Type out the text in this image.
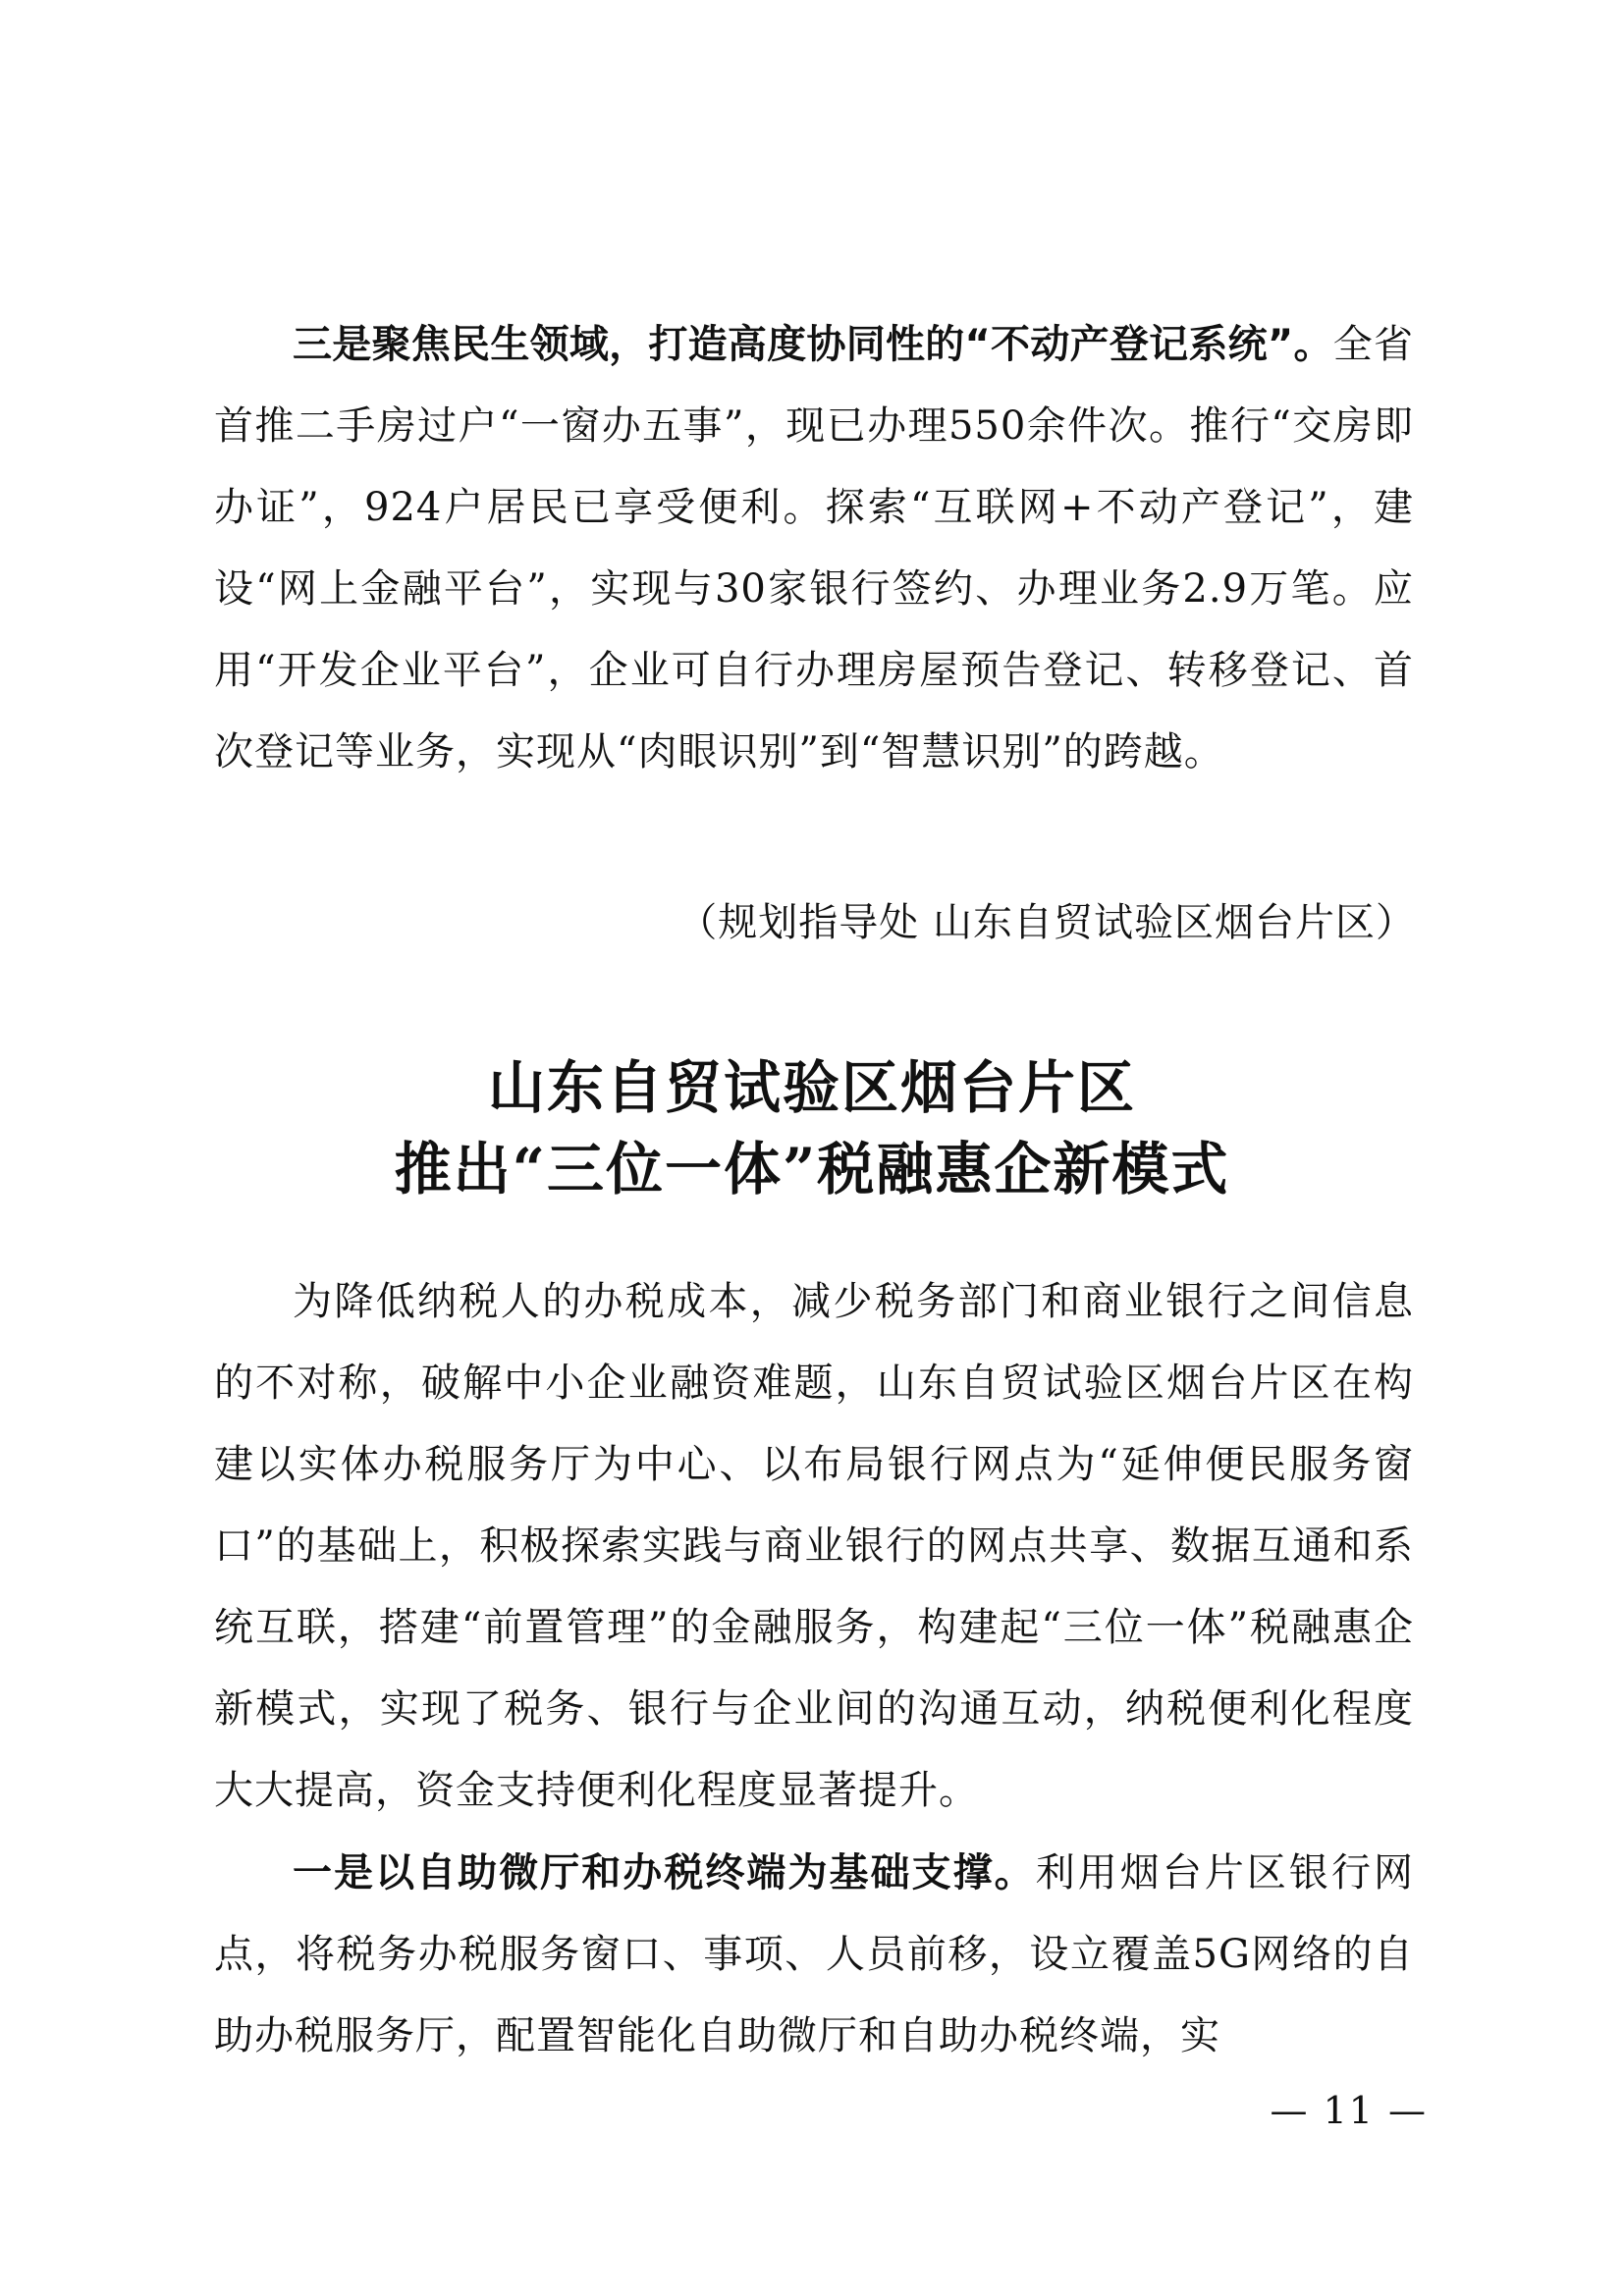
三是聚焦民生领域，打造高度协同性的“不动产登记系统”。全省首推二手房过户“一窗办五事”，现已办理550余件次。推行“交房即办证”，924户居民已享受便利。探索“互联网+不动产登记”，建设“网上金融平台”，实现与30家银行签约、办理业务2.9万笔。应用“开发企业平台”，企业可自行办理房屋预告登记、转移登记、首次登记等业务，实现从“肉眼识别”到“智慧识别”的跨越。

（规划指导处 山东自贸试验区烟台片区）

山东自贸试验区烟台片区
推出“三位一体”税融惠企新模式

为降低纳税人的办税成本，减少税务部门和商业银行之间信息的不对称，破解中小企业融资难题，山东自贸试验区烟台片区在构建以实体办税服务厅为中心、以布局银行网点为“延伸便民服务窗口”的基础上，积极探索实践与商业银行的网点共享、数据互通和系统互联，搭建“前置管理”的金融服务，构建起“三位一体”税融惠企新模式，实现了税务、银行与企业间的沟通互动，纳税便利化程度大大提高，资金支持便利化程度显著提升。

一是以自助微厅和办税终端为基础支撑。利用烟台片区银行网点，将税务办税服务窗口、事项、人员前移，设立覆盖5G网络的自助办税服务厅，配置智能化自助微厅和自助办税终端，实

— 11 —
